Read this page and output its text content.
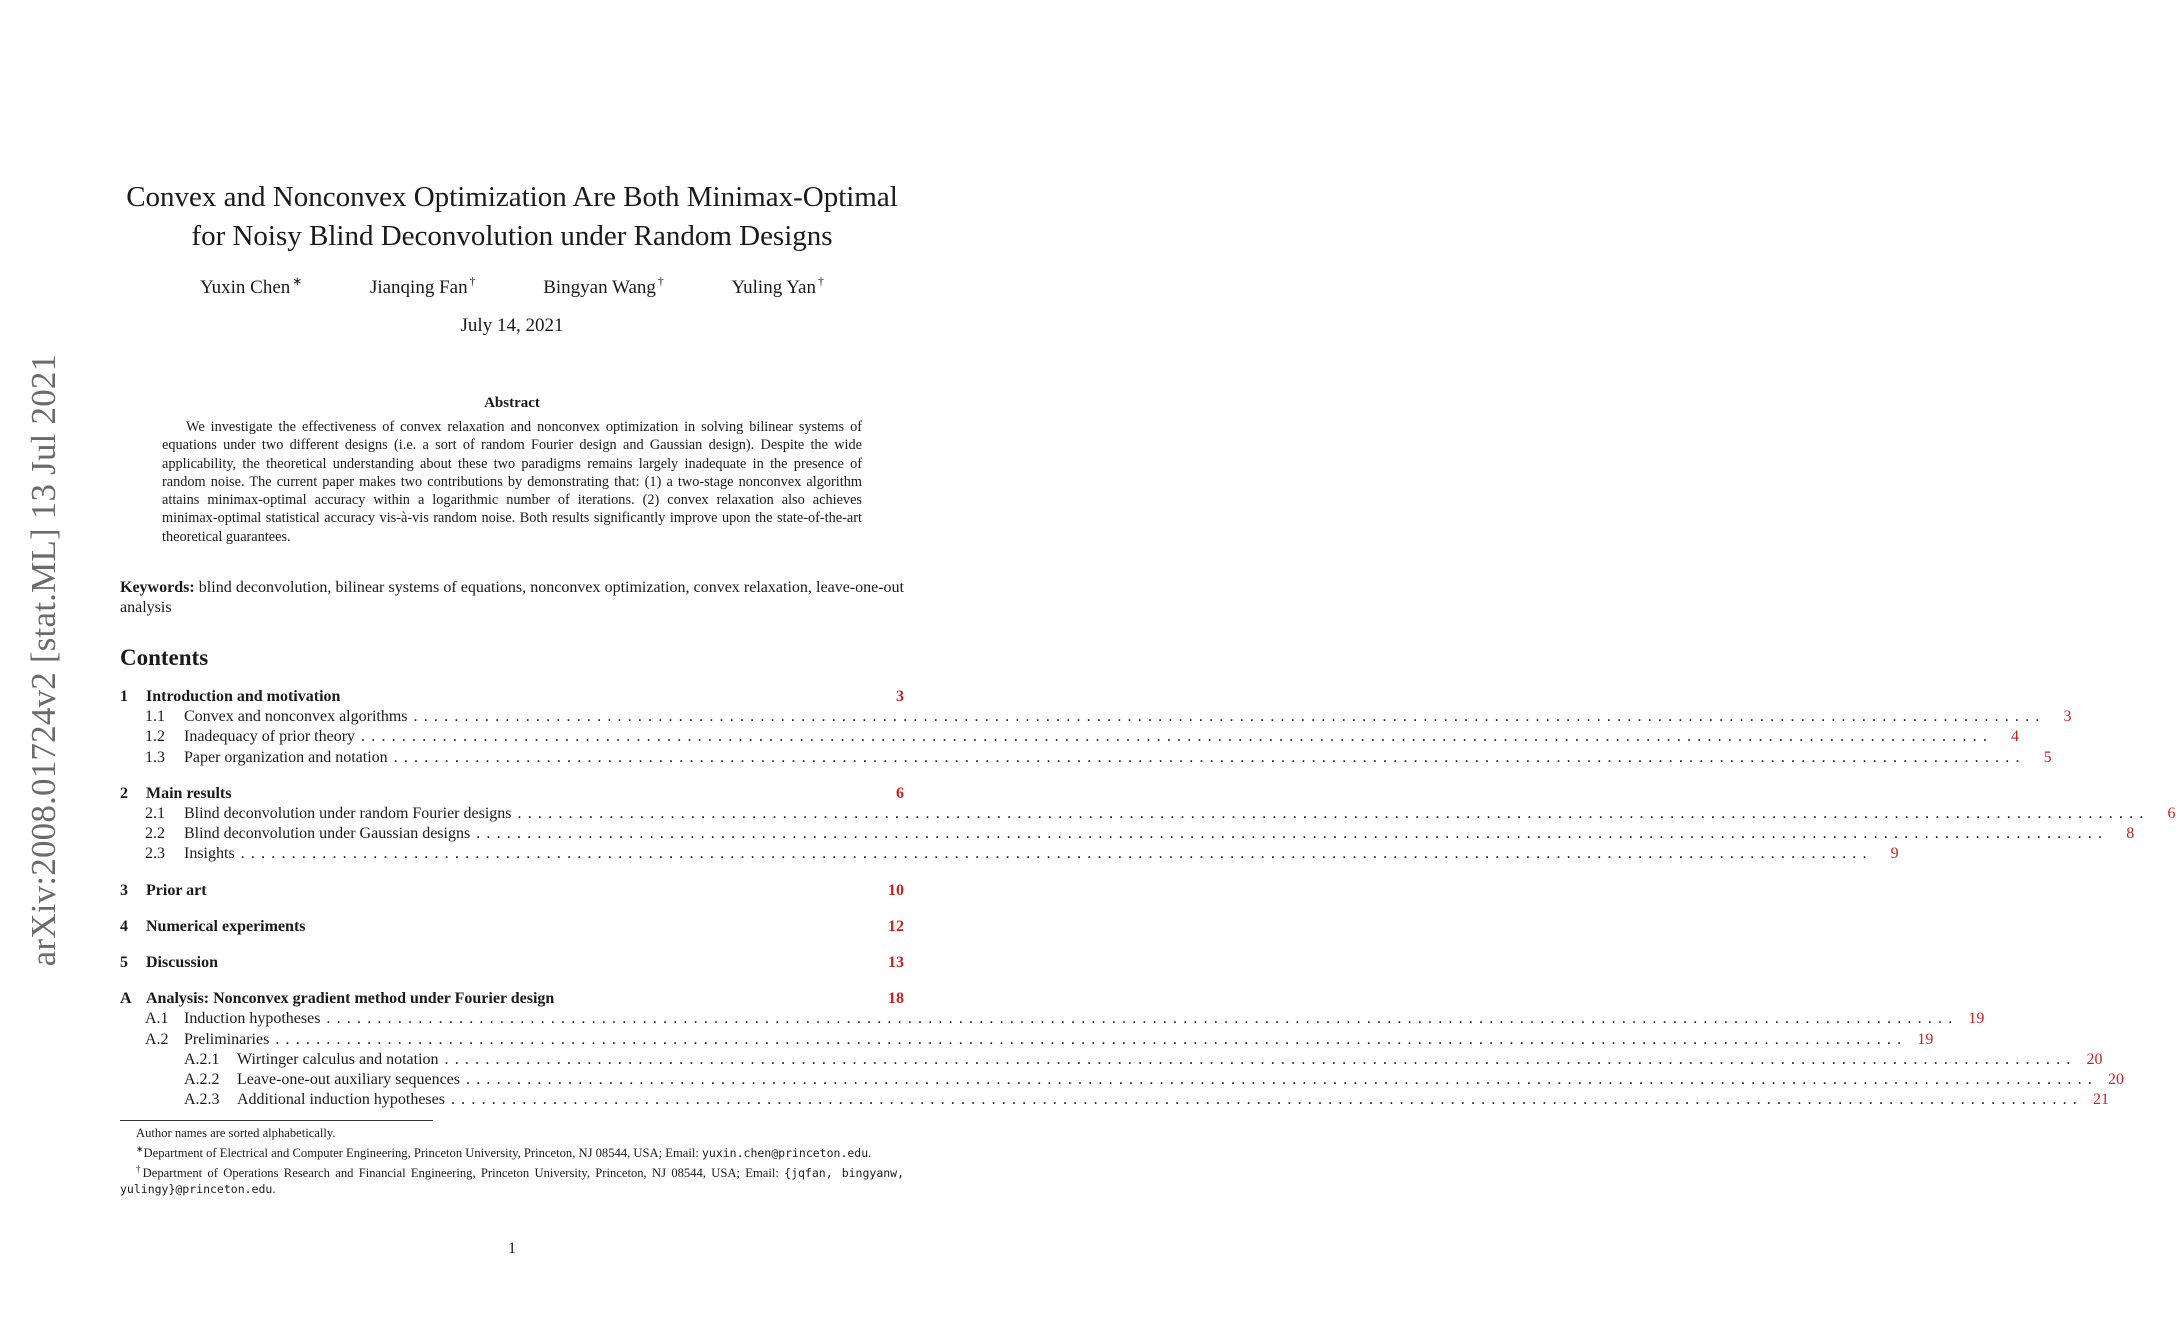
arXiv:2008.01724v2 [stat.ML] 13 Jul 2021
Convex and Nonconvex Optimization Are Both Minimax-Optimal
for Noisy Blind Deconvolution under Random Designs
Yuxin Chen ∗	Jianqing Fan †	Bingyan Wang †	Yuling Yan †
July 14, 2021
Abstract
We investigate the effectiveness of convex relaxation and nonconvex optimization in solving bilinear systems of equations under two different designs (i.e. a sort of random Fourier design and Gaussian design). Despite the wide applicability, the theoretical understanding about these two paradigms remains largely inadequate in the presence of random noise. The current paper makes two contributions by demonstrating that: (1) a two-stage nonconvex algorithm attains minimax-optimal accuracy within a logarithmic number of iterations. (2) convex relaxation also achieves minimax-optimal statistical accuracy vis-à-vis random noise. Both results significantly improve upon the state-of-the-art theoretical guarantees.
Keywords: blind deconvolution, bilinear systems of equations, nonconvex optimization, convex relaxation, leave-one-out analysis
Contents
1	Introduction and motivation	3
1.1	Convex and nonconvex algorithms ................................................................................................................................................................	3
1.2	Inadequacy of prior theory ................................................................................................................................................................	4
1.3	Paper organization and notation ................................................................................................................................................................	5
2	Main results	6
2.1	Blind deconvolution under random Fourier designs ................................................................................................................................................................	6
2.2	Blind deconvolution under Gaussian designs ................................................................................................................................................................	8
2.3	Insights ................................................................................................................................................................	9
3	Prior art	10
4	Numerical experiments	12
5	Discussion	13
A Analysis: Nonconvex gradient method under Fourier design	18
A.1 Induction hypotheses ................................................................................................................................................................ 19
A.2 Preliminaries ................................................................................................................................................................ 19
A.2.1	Wirtinger calculus and notation ................................................................................................................................................................ 20
A.2.2	Leave-one-out auxiliary sequences ................................................................................................................................................................ 20
A.2.3	Additional induction hypotheses ................................................................................................................................................................ 21

Author names are sorted alphabetically.

∗Department of Electrical and Computer Engineering, Princeton University, Princeton, NJ 08544, USA; Email: yuxin.chen@princeton.edu.

†Department of Operations Research and Financial Engineering, Princeton University, Princeton, NJ 08544, USA; Email: {jqfan, bingyanw, yulingy}@princeton.edu.

1
